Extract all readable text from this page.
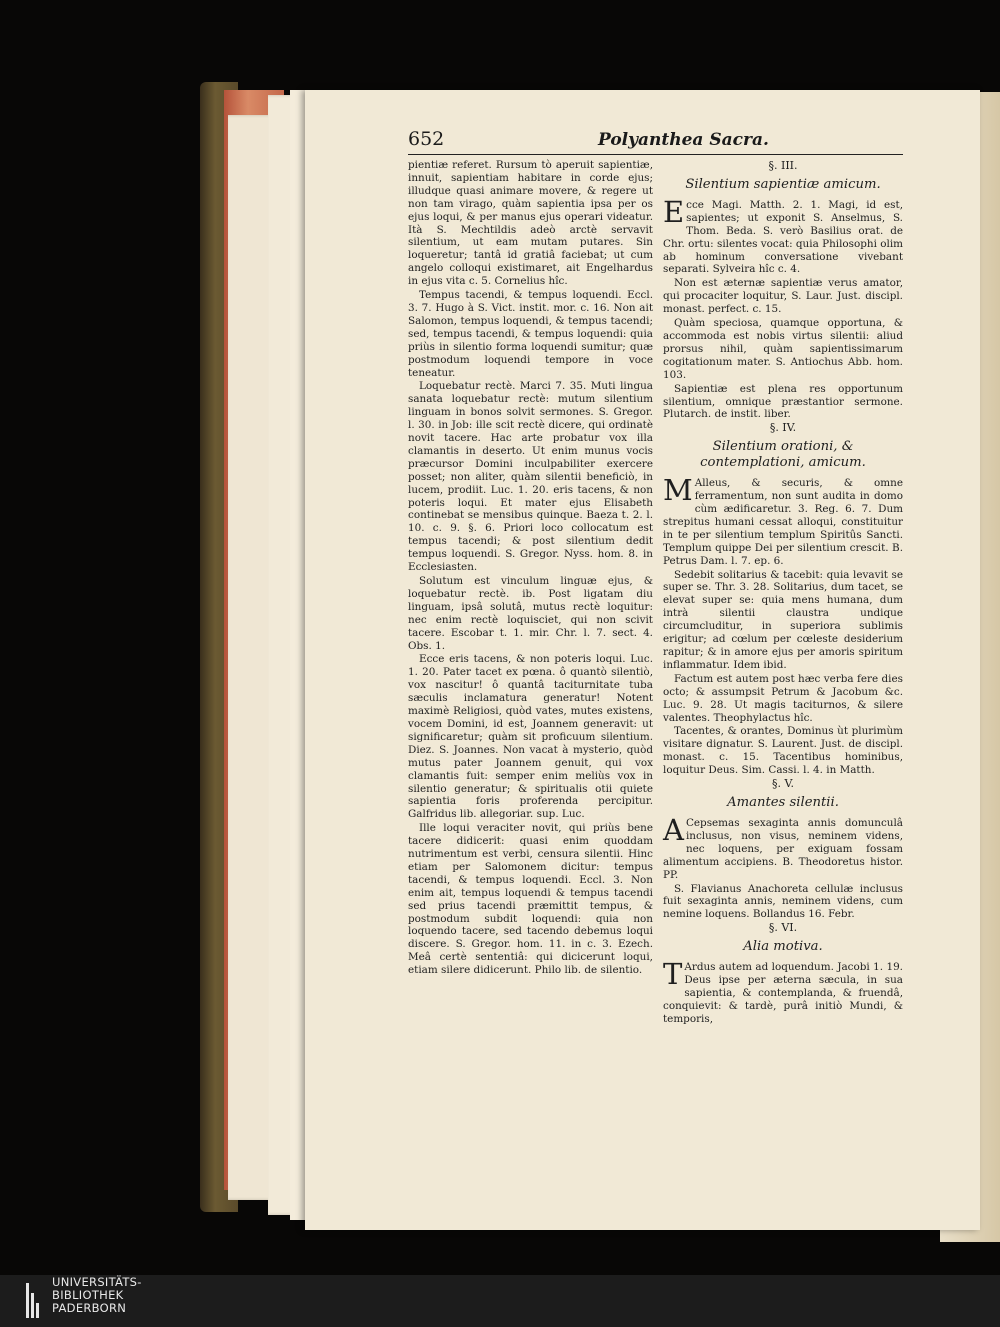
652	Polyanthea Sacra.

pientiæ referet. Rursum tò aperuit sapientiæ, innuit, sapientiam habitare in corde ejus; illudque quasi animare movere, & regere ut non tam virago, quàm sapientia ipsa per os ejus loqui, & per manus ejus operari videatur. Ità S. Mechtildis adeò arctè servavit silentium, ut eam mutam putares. Sin loqueretur; tantâ id gratiâ faciebat; ut cum angelo colloqui existimaret, ait Engelhardus in ejus vita c. 5. Cornelius hîc.

Tempus tacendi, & tempus loquendi. Eccl. 3. 7. Hugo à S. Vict. instit. mor. c. 16. Non ait Salomon, tempus loquendi, & tempus tacendi; sed, tempus tacendi, & tempus loquendi: quia priùs in silentio forma loquendi sumitur; quæ postmodum loquendi tempore in voce teneatur.

Loquebatur rectè. Marci 7. 35. Muti lingua sanata loquebatur rectè: mutum silentium linguam in bonos solvit sermones. S. Gregor. l. 30. in Job: ille scit rectè dicere, qui ordinatè novit tacere. Hac arte probatur vox illa clamantis in deserto. Ut enim munus vocis præcursor Domini inculpabiliter exercere posset; non aliter, quàm silentii beneficiò, in lucem, prodiit. Luc. 1. 20. eris tacens, & non poteris loqui. Et mater ejus Elisabeth continebat se mensibus quinque. Baeza t. 2. l. 10. c. 9. §. 6. Priori loco collocatum est tempus tacendi; & post silentium dedit tempus loquendi. S. Gregor. Nyss. hom. 8. in Ecclesiasten.

Solutum est vinculum linguæ ejus, & loquebatur rectè. ib. Post ligatam diu linguam, ipsâ solutâ, mutus rectè loquitur: nec enim rectè loquisciet, qui non scivit tacere. Escobar t. 1. mir. Chr. l. 7. sect. 4. Obs. 1.

Ecce eris tacens, & non poteris loqui. Luc. 1. 20. Pater tacet ex pœna. ô quantò silentiò, vox nascitur! ô quantâ taciturnitate tuba sæculis inclamatura generatur! Notent maximè Religiosi, quòd vates, mutes existens, vocem Domini, id est, Joannem generavit: ut significaretur; quàm sit proficuum silentium. Diez. S. Joannes. Non vacat à mysterio, quòd mutus pater Joannem genuit, qui vox clamantis fuit: semper enim meliùs vox in silentio generatur; & spiritualis otii quiete sapientia foris proferenda percipitur. Galfridus lib. allegoriar. sup. Luc.

Ille loqui veraciter novit, qui priùs bene tacere didicerit: quasi enim quoddam nutrimentum est verbi, censura silentii. Hinc etiam per Salomonem dicitur: tempus tacendi, & tempus loquendi. Eccl. 3. Non enim ait, tempus loquendi & tempus tacendi sed prius tacendi præmittit tempus, & postmodum subdit loquendi: quia non loquendo tacere, sed tacendo debemus loqui discere. S. Gregor. hom. 11. in c. 3. Ezech. Meâ certè sententiâ: qui dicicerunt loqui, etiam silere didicerunt. Philo lib. de silentio.

§. III.
Silentium sapientiæ amicum.

Ecce Magi. Matth. 2. 1. Magi, id est, sapientes; ut exponit S. Anselmus, S. Thom. Beda. S. verò Basilius orat. de Chr. ortu: silentes vocat: quia Philosophi olim ab hominum conversatione vivebant separati. Sylveira hîc c. 4.

Non est æternæ sapientiæ verus amator, qui procaciter loquitur, S. Laur. Just. discipl. monast. perfect. c. 15.

Quàm speciosa, quamque opportuna, & accommoda est nobis virtus silentii: aliud prorsus nihil, quàm sapientissimarum cogitationum mater. S. Antiochus Abb. hom. 103.

Sapientiæ est plena res opportunum silentium, omnique præstantior sermone. Plutarch. de instit. liber.

§. IV.
Silentium orationi, & contemplationi, amicum.

M Alleus, & securis, & omne ferramentum, non sunt audita in domo cùm ædificaretur. 3. Reg. 6. 7. Dum strepitus humani cessat alloqui, constituitur in te per silentium templum Spiritûs Sancti. Templum quippe Dei per silentium crescit. B. Petrus Dam. l. 7. ep. 6.

Sedebit solitarius & tacebit: quia levavit se super se. Thr. 3. 28. Solitarius, dum tacet, se elevat super se: quia mens humana, dum intrà silentii claustra undique circumcluditur, in superiora sublimis erigitur; ad cœlum per cœleste desiderium rapitur; & in amore ejus per amoris spiritum inflammatur. Idem ibid.

Factum est autem post hæc verba fere dies octo; & assumpsit Petrum & Jacobum &c. Luc. 9. 28. Ut magis taciturnos, & silere valentes. Theophylactus hîc.

Tacentes, & orantes, Dominus ùt plurimùm visitare dignatur. S. Laurent. Just. de discipl. monast. c. 15. Tacentibus hominibus, loquitur Deus. Sim. Cassi. l. 4. in Matth.

§. V.
Amantes silentii.

A Cepsemas sexaginta annis domunculâ inclusus, non visus, neminem videns, nec loquens, per exiguam fossam alimentum accipiens. B. Theodoretus histor. PP.

S. Flavianus Anachoreta cellulæ inclusus fuit sexaginta annis, neminem videns, cum nemine loquens. Bollandus 16. Febr.

§. VI.
Alia motiva.

T Ardus autem ad loquendum. Jacobi 1. 19. Deus ipse per æterna sæcula, in sua sapientia, & contemplanda, & fruendâ, conquievit: & tardè, purâ initiò Mundi, & temporis,

UNIVERSITÄTS-
BIBLIOTHEK
PADERBORN
